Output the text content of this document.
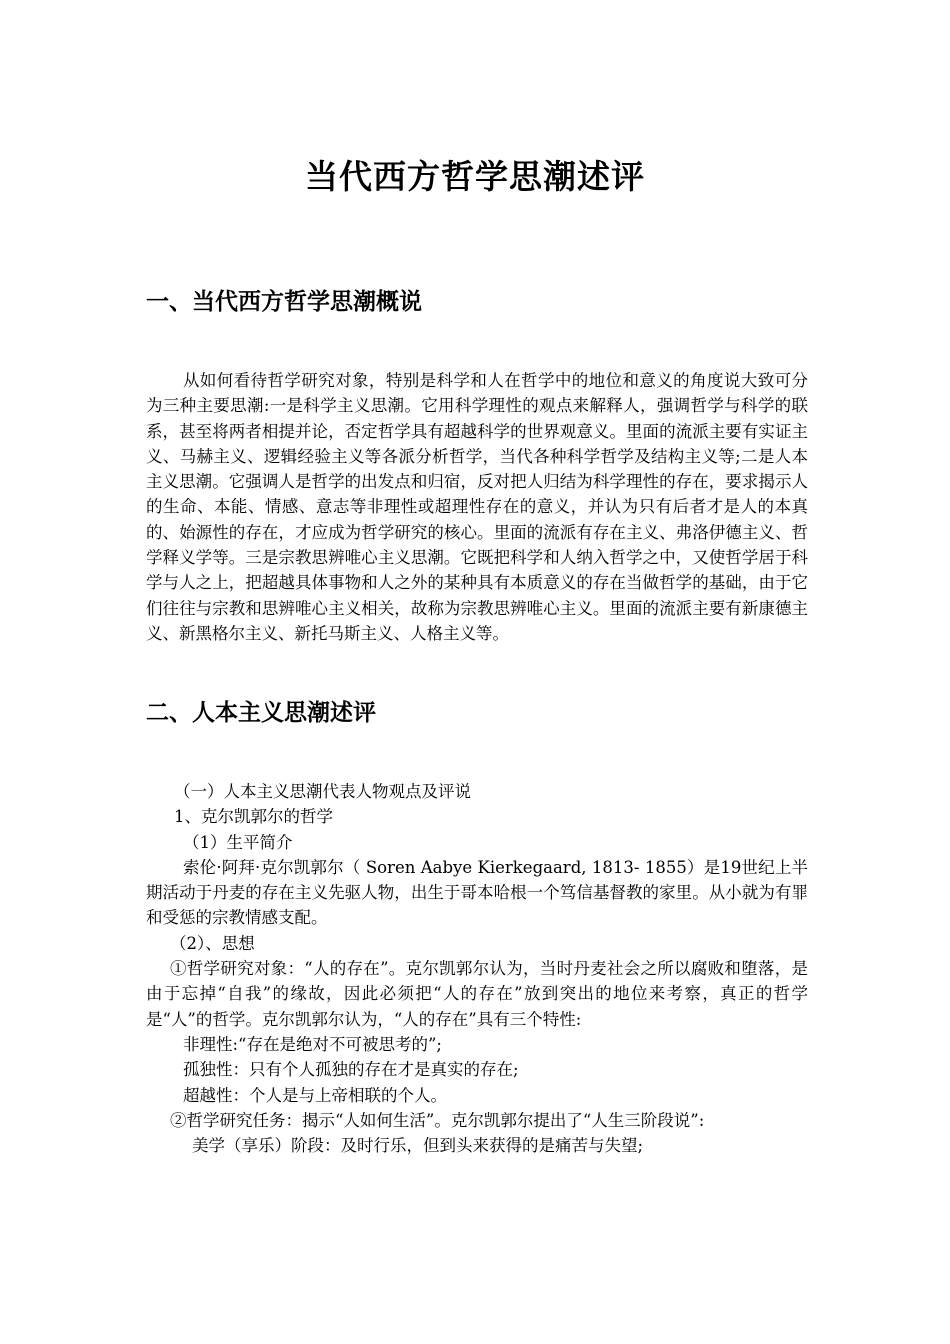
当代西方哲学思潮述评
一、当代西方哲学思潮概说

从如何看待哲学研究对象，特别是科学和人在哲学中的地位和意义的角度说大致可分为三种主要思潮:一是科学主义思潮。它用科学理性的观点来解释人，强调哲学与科学的联系，甚至将两者相提并论，否定哲学具有超越科学的世界观意义。里面的流派主要有实证主义、马赫主义、逻辑经验主义等各派分析哲学，当代各种科学哲学及结构主义等;二是人本主义思潮。它强调人是哲学的出发点和归宿，反对把人归结为科学理性的存在，要求揭示人的生命、本能、情感、意志等非理性或超理性存在的意义，并认为只有后者才是人的本真的、始源性的存在，才应成为哲学研究的核心。里面的流派有存在主义、弗洛伊德主义、哲学释义学等。三是宗教思辨唯心主义思潮。它既把科学和人纳入哲学之中，又使哲学居于科学与人之上，把超越具体事物和人之外的某种具有本质意义的存在当做哲学的基础，由于它们往往与宗教和思辨唯心主义相关，故称为宗教思辨唯心主义。里面的流派主要有新康德主义、新黑格尔主义、新托马斯主义、人格主义等。

二、人本主义思潮述评

（一）人本主义思潮代表人物观点及评说

1、克尔凯郭尔的哲学

（1）生平简介

索伦·阿拜·克尔凯郭尔（ Soren Aabye Kierkegaard, 1813- 1855）是19世纪上半期活动于丹麦的存在主义先驱人物，出生于哥本哈根一个笃信基督教的家里。从小就为有罪和受惩的宗教情感支配。

（2）、思想

①哲学研究对象：“人的存在”。克尔凯郭尔认为，当时丹麦社会之所以腐败和堕落，是由于忘掉“自我”的缘故，因此必须把“人的存在”放到突出的地位来考察，真正的哲学是“人”的哲学。克尔凯郭尔认为，“人的存在”具有三个特性:

非理性:“存在是绝对不可被思考的”;

孤独性：只有个人孤独的存在才是真实的存在;

超越性：个人是与上帝相联的个人。

②哲学研究任务：揭示“人如何生活”。克尔凯郭尔提出了“人生三阶段说”:

美学（享乐）阶段：及时行乐，但到头来获得的是痛苦与失望;
